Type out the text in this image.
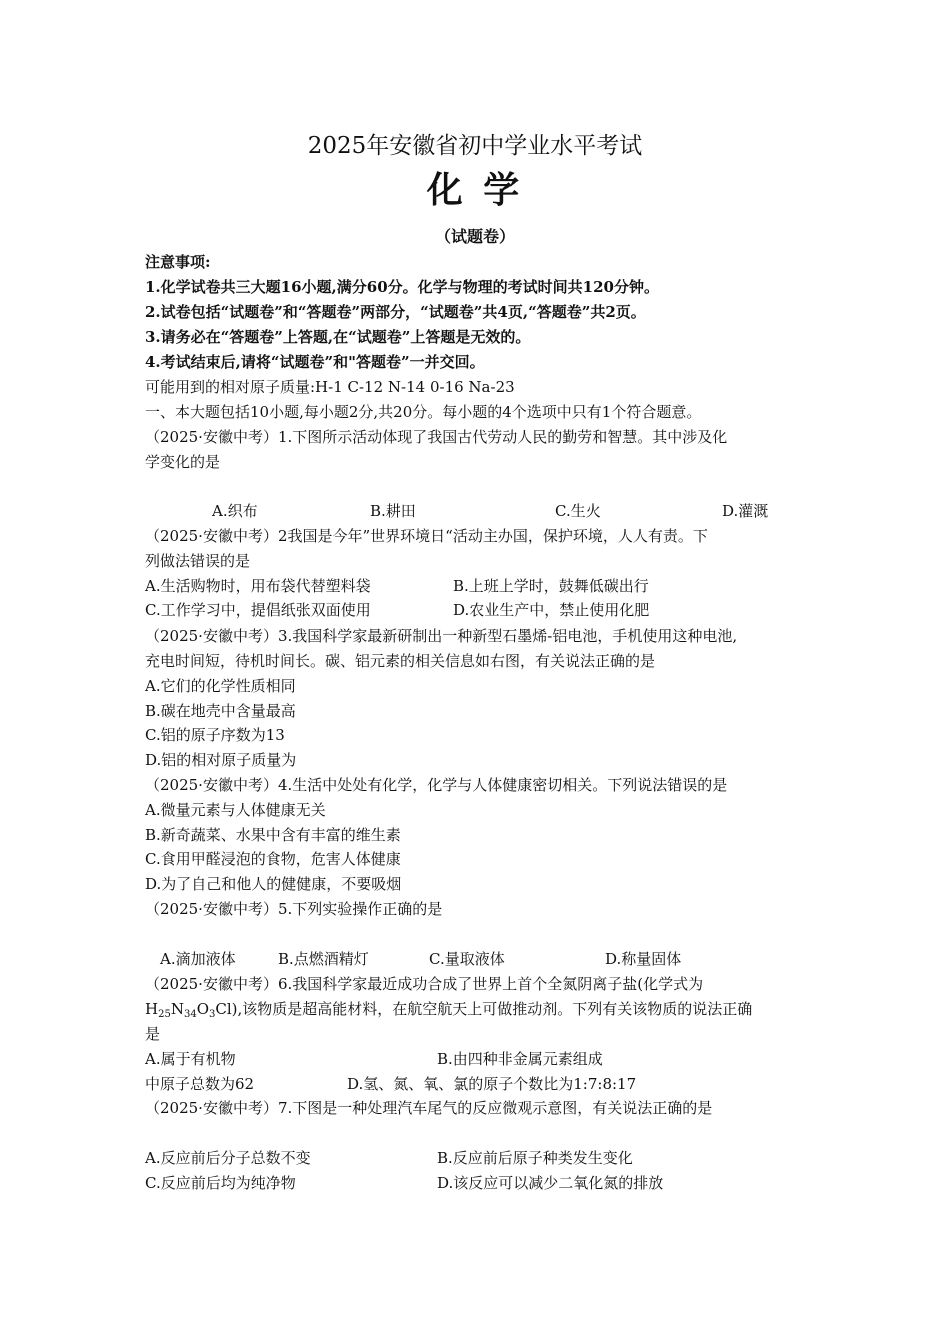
2025年安徽省初中学业水平考试
化 学
（试题卷）
注意事项:
1.化学试卷共三大题16小题,满分60分。化学与物理的考试时间共120分钟。
2.试卷包括“试题卷”和“答题卷”两部分，“试题卷”共4页,“答题卷”共2页。
3.请务必在“答题卷”上答题,在“试题卷”上答题是无效的。
4.考试结束后,请将“试题卷”和"答题卷”一并交回。
可能用到的相对原子质量:H-1 C-12 N-14 0-16 Na-23
一、本大题包括10小题,每小题2分,共20分。每小题的4个选项中只有1个符合题意。
（2025·安徽中考）1.下图所示活动体现了我国古代劳动人民的勤劳和智慧。其中涉及化
学变化的是
A.织布	B.耕田	C.生火	D.灌溉
（2025·安徽中考）2我国是今年”世界环境日“活动主办国，保护环境，人人有责。下
列做法错误的是
A.生活购物时，用布袋代替塑料袋	B.上班上学时，鼓舞低碳出行
C.工作学习中，提倡纸张双面使用	D.农业生产中，禁止使用化肥
（2025·安徽中考）3.我国科学家最新研制出一种新型石墨烯-铝电池，手机使用这种电池,
充电时间短，待机时间长。碳、铝元素的相关信息如右图，有关说法正确的是
A.它们的化学性质相同
B.碳在地壳中含量最高
C.铝的原子序数为13
D.铝的相对原子质量为
（2025·安徽中考）4.生活中处处有化学，化学与人体健康密切相关。下列说法错误的是
A.微量元素与人体健康无关
B.新奇蔬菜、水果中含有丰富的维生素
C.食用甲醛浸泡的食物，危害人体健康
D.为了自己和他人的健健康，不要吸烟
（2025·安徽中考）5.下列实验操作正确的是
A.滴加液体	B.点燃酒精灯	C.量取液体	D.称量固体
（2025·安徽中考）6.我国科学家最近成功合成了世界上首个全氮阴离子盐(化学式为
$H_{25}N_{34}O_3Cl$),该物质是超高能材料，在航空航天上可做推动剂。下列有关该物质的说法正确
是
A.属于有机物	B.由四种非金属元素组成
中原子总数为62	D.氢、氮、氧、氯的原子个数比为1:7:8:17
（2025·安徽中考）7.下图是一种处理汽车尾气的反应微观示意图，有关说法正确的是
A.反应前后分子总数不变	B.反应前后原子种类发生变化
C.反应前后均为纯净物	D.该反应可以减少二氧化氮的排放
